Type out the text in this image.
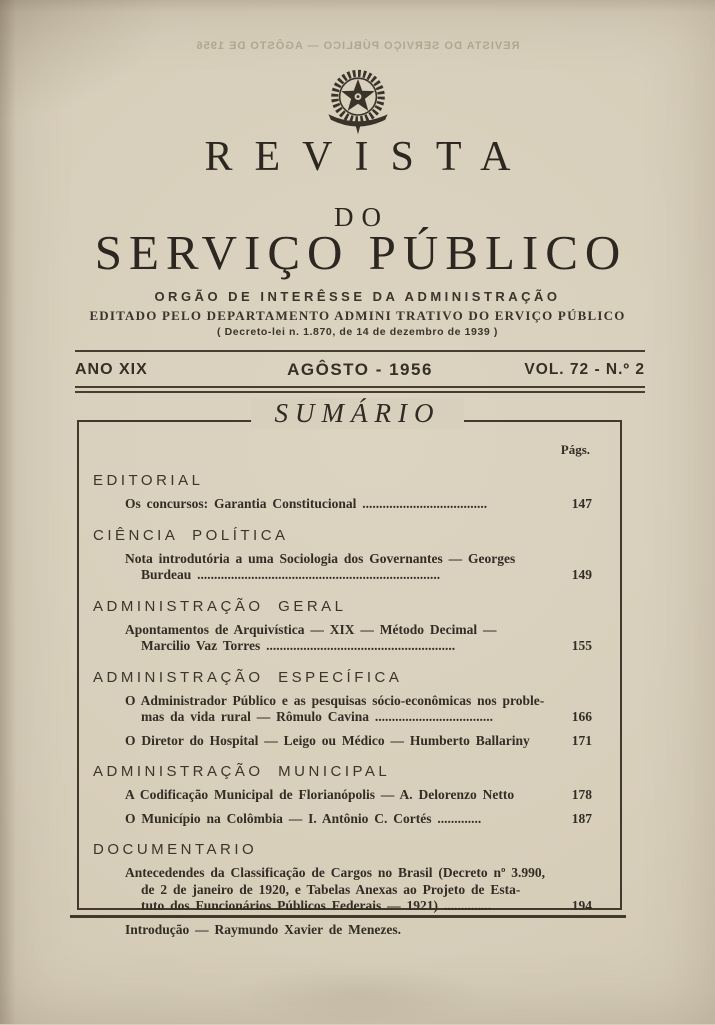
REVISTA DO SERVIÇO PÚBLICO — AGÔSTO DE 1956
REVISTA
DO
SERVIÇO PÚBLICO
ORGÃO DE INTERÊSSE DA ADMINISTRAÇÃO
EDITADO PELO DEPARTAMENTO ADMINI TRATIVO DO ERVIÇO PÚBLICO
( Decreto-lei n. 1.870, de 14 de dezembro de 1939 )
ANO XIX	AGÔSTO - 1956	VOL. 72 - N.º 2
SUMÁRIO
Págs.
EDITORIAL
Os concursos: Garantia Constitucional .....................................	147
CIÊNCIA POLÍTICA
Nota introdutória a uma Sociologia dos Governantes — Georges
Burdeau ........................................................................	149
ADMINISTRAÇÃO GERAL
Apontamentos de Arquivística — XIX — Método Decimal —
Marcilio Vaz Torres ........................................................	155
ADMINISTRAÇÃO ESPECÍFICA
O Administrador Público e as pesquisas sócio-econômicas nos proble-
mas da vida rural — Rômulo Cavina ...................................	166
O Diretor do Hospital — Leigo ou Médico — Humberto Ballariny	171
ADMINISTRAÇÃO MUNICIPAL
A Codificação Municipal de Florianópolis — A. Delorenzo Netto	178
O Município na Colômbia — I. Antônio C. Cortés .............	187
DOCUMENTARIO
Antecedendes da Classificação de Cargos no Brasil (Decreto nº 3.990,
de 2 de janeiro de 1920, e Tabelas Anexas ao Projeto de Esta-
tuto dos Funcionários Públicos Federais — 1921) ..............	194
Introdução — Raymundo Xavier de Menezes.
